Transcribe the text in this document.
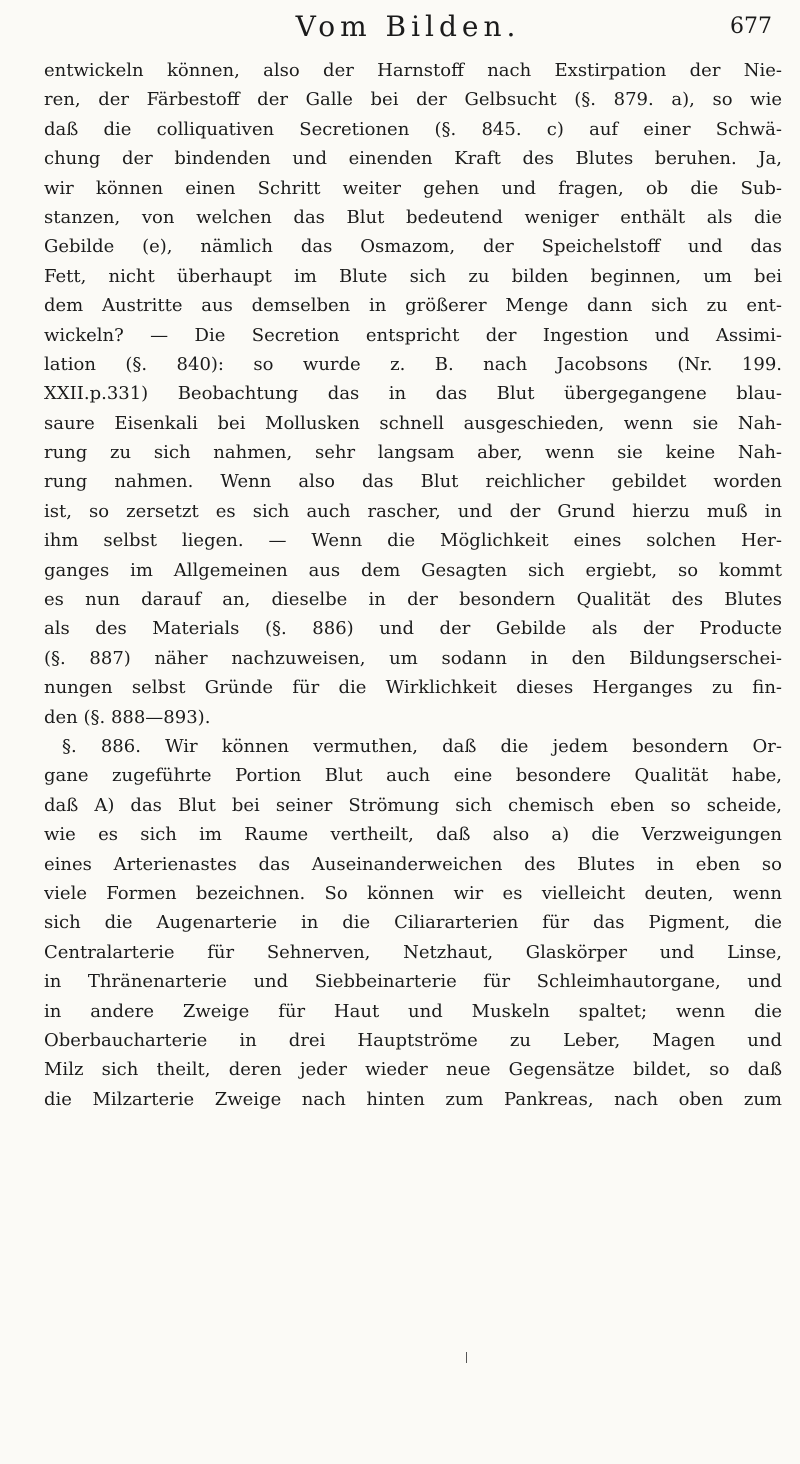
Vom Bilden.	677
entwickeln können, also der Harnstoff nach Exstirpation der Nie-
ren, der Färbestoff der Galle bei der Gelbsucht (§. 879. a), so wie
daß die colliquativen Secretionen (§. 845. c) auf einer Schwä-
chung der bindenden und einenden Kraft des Blutes beruhen. Ja,
wir können einen Schritt weiter gehen und fragen, ob die Sub-
stanzen, von welchen das Blut bedeutend weniger enthält als die
Gebilde (e), nämlich das Osmazom, der Speichelstoff und das
Fett, nicht überhaupt im Blute sich zu bilden beginnen, um bei
dem Austritte aus demselben in größerer Menge dann sich zu ent-
wickeln? — Die Secretion entspricht der Ingestion und Assimi-
lation (§. 840): so wurde z. B. nach Jacobsons (Nr. 199.
XXII.p.331) Beobachtung das in das Blut übergegangene blau-
saure Eisenkali bei Mollusken schnell ausgeschieden, wenn sie Nah-
rung zu sich nahmen, sehr langsam aber, wenn sie keine Nah-
rung nahmen. Wenn also das Blut reichlicher gebildet worden
ist, so zersetzt es sich auch rascher, und der Grund hierzu muß in
ihm selbst liegen. — Wenn die Möglichkeit eines solchen Her-
ganges im Allgemeinen aus dem Gesagten sich ergiebt, so kommt
es nun darauf an, dieselbe in der besondern Qualität des Blutes
als des Materials (§. 886) und der Gebilde als der Producte
(§. 887) näher nachzuweisen, um sodann in den Bildungserschei-
nungen selbst Gründe für die Wirklichkeit dieses Herganges zu fin-
den (§. 888—893).
§. 886. Wir können vermuthen, daß die jedem besondern Or-
gane zugeführte Portion Blut auch eine besondere Qualität habe,
daß A) das Blut bei seiner Strömung sich chemisch eben so scheide,
wie es sich im Raume vertheilt, daß also a) die Verzweigungen
eines Arterienastes das Auseinanderweichen des Blutes in eben so
viele Formen bezeichnen. So können wir es vielleicht deuten, wenn
sich die Augenarterie in die Ciliararterien für das Pigment, die
Centralarterie für Sehnerven, Netzhaut, Glaskörper und Linse,
in Thränenarterie und Siebbeinarterie für Schleimhautorgane, und
in andere Zweige für Haut und Muskeln spaltet; wenn die
Oberbaucharterie in drei Hauptströme zu Leber, Magen und
Milz sich theilt, deren jeder wieder neue Gegensätze bildet, so daß
die Milzarterie Zweige nach hinten zum Pankreas, nach oben zum
